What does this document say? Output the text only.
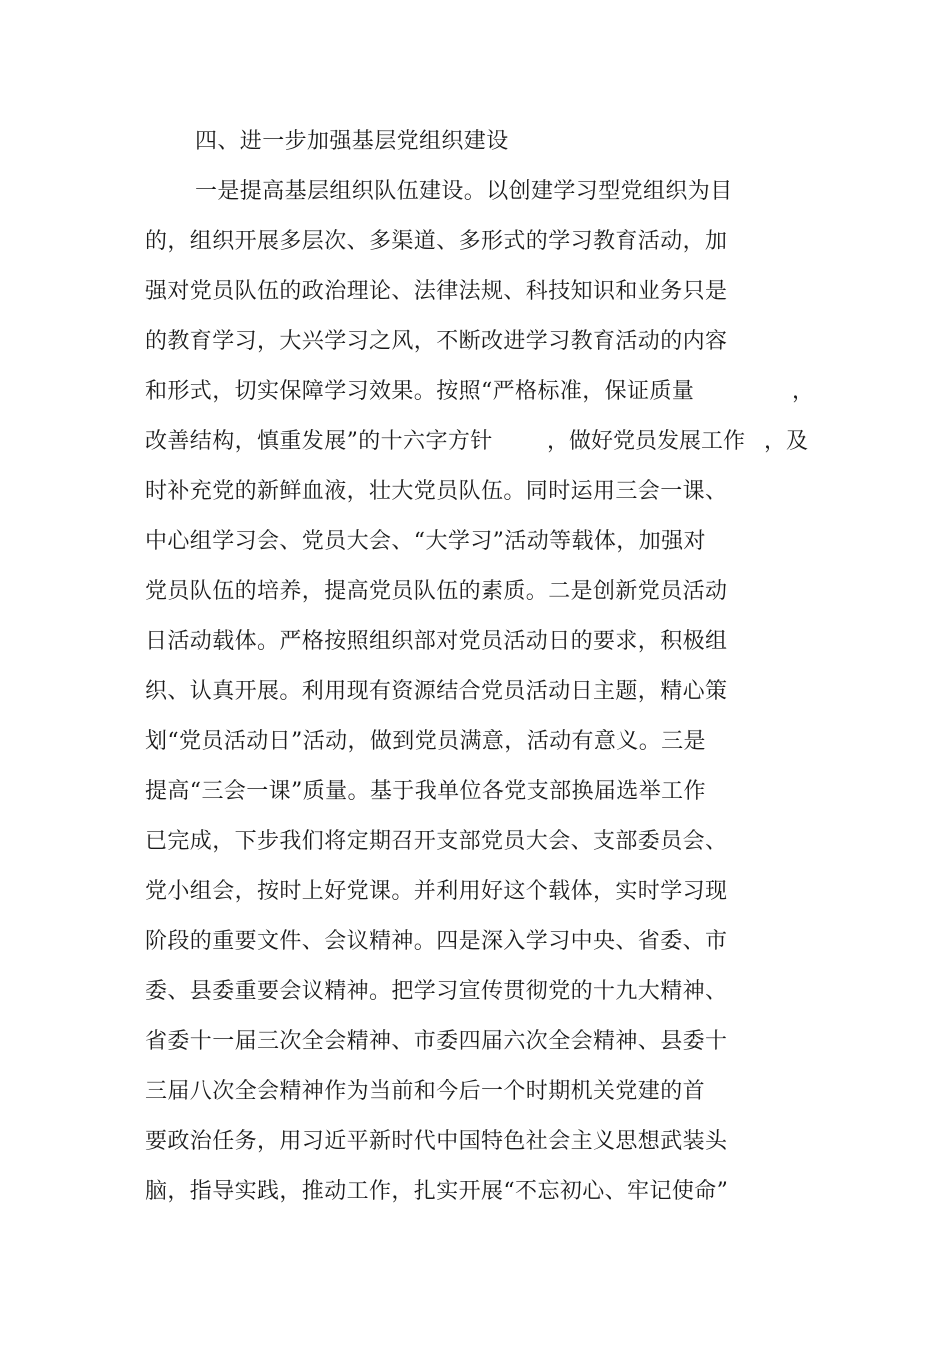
四、进一步加强基层党组织建设
一是提高基层组织队伍建设。以创建学习型党组织为目
的，组织开展多层次、多渠道、多形式的学习教育活动，加
强对党员队伍的政治理论、法律法规、科技知识和业务只是
的教育学习，大兴学习之风，不断改进学习教育活动的内容
和形式，切实保障学习效果。按照“严格标准，保证质量	，
改善结构，慎重发展”的十六字方针 ，做好党员发展工作 ，及
时补充党的新鲜血液，壮大党员队伍。同时运用三会一课、
中心组学习会、党员大会、“大学习”活动等载体，加强对
党员队伍的培养，提高党员队伍的素质。二是创新党员活动
日活动载体。严格按照组织部对党员活动日的要求，积极组
织、认真开展。利用现有资源结合党员活动日主题，精心策
划“党员活动日”活动，做到党员满意，活动有意义。三是
提高“三会一课”质量。基于我单位各党支部换届选举工作
已完成，下步我们将定期召开支部党员大会、支部委员会、
党小组会，按时上好党课。并利用好这个载体，实时学习现
阶段的重要文件、会议精神。四是深入学习中央、省委、市
委、县委重要会议精神。把学习宣传贯彻党的十九大精神、
省委十一届三次全会精神、市委四届六次全会精神、县委十
三届八次全会精神作为当前和今后一个时期机关党建的首
要政治任务，用习近平新时代中国特色社会主义思想武装头
脑，指导实践，推动工作，扎实开展“不忘初心、牢记使命”
